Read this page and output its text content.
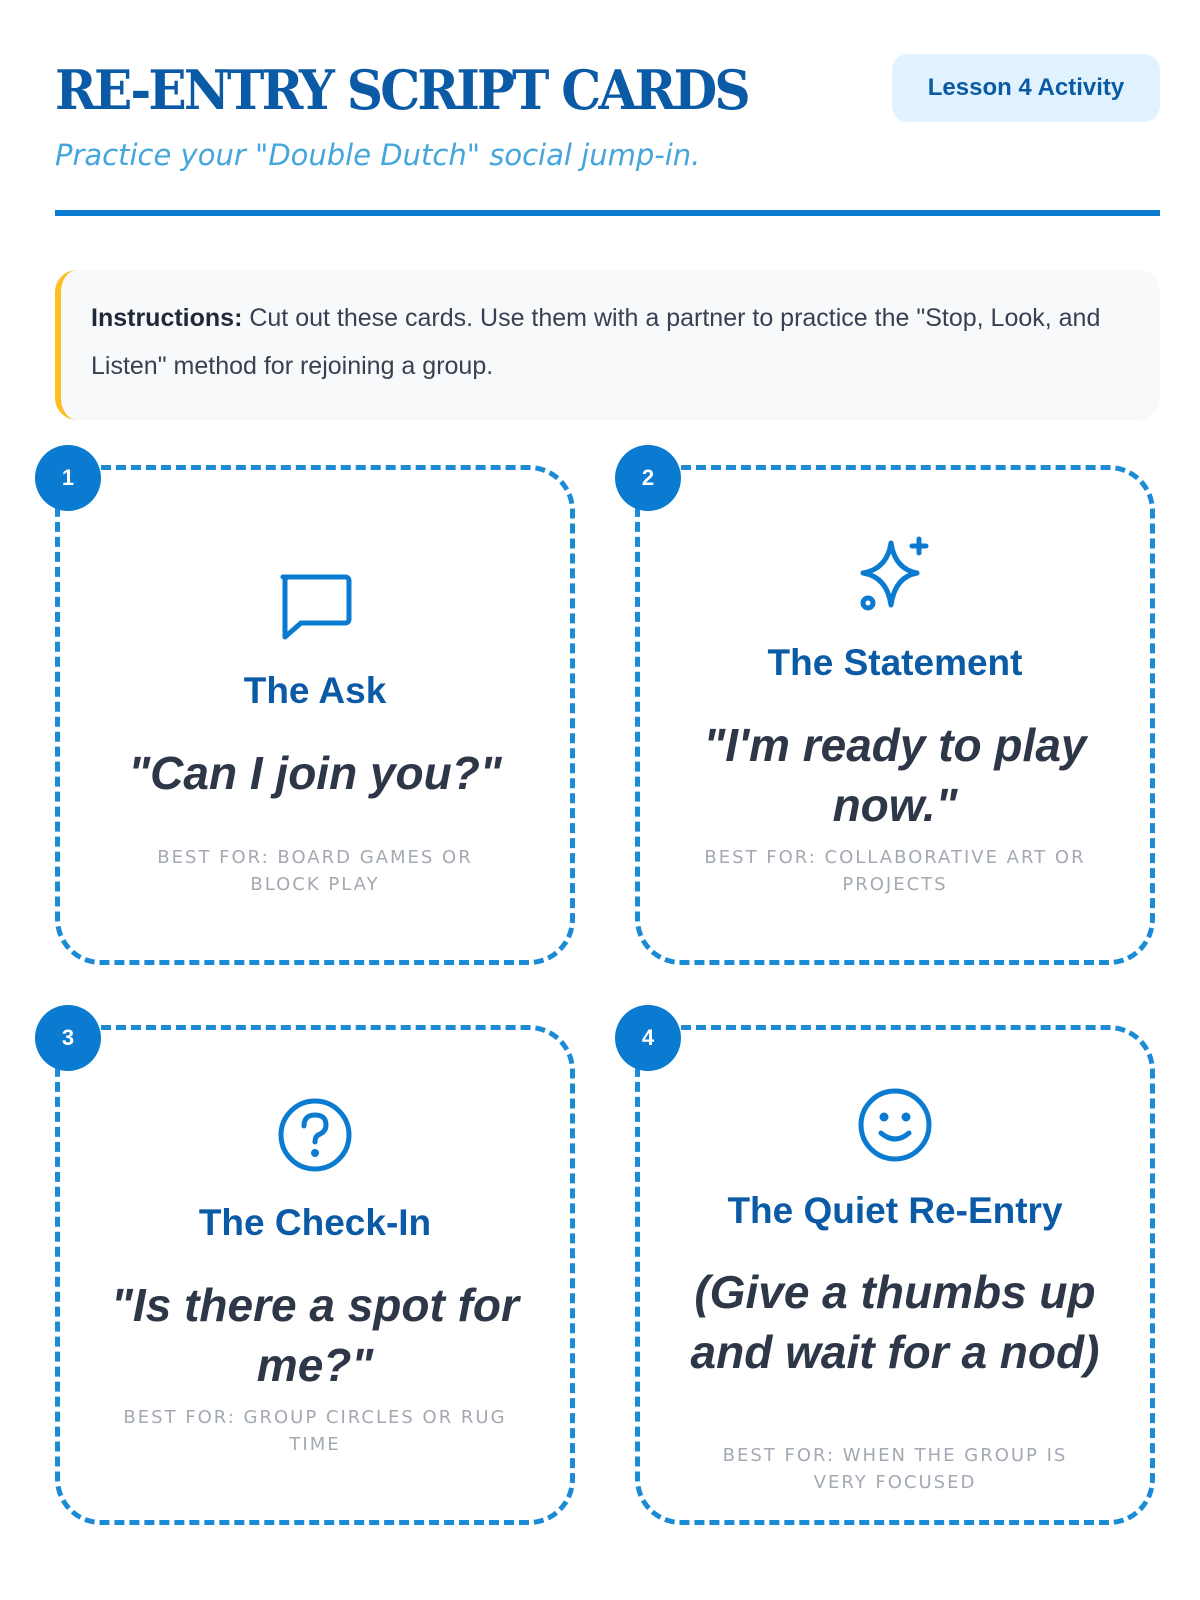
RE-ENTRY SCRIPT CARDS

Practice your "Double Dutch" social jump-in.

Lesson 4 Activity
Instructions: Cut out these cards. Use them with a partner to practice the "Stop, Look, and Listen" method for rejoining a group.
1
The Ask
"Can I join you?"
BEST FOR: BOARD GAMES OR BLOCK PLAY
2
The Statement
"I'm ready to play now."
BEST FOR: COLLABORATIVE ART OR PROJECTS
3
The Check-In
"Is there a spot for me?"
BEST FOR: GROUP CIRCLES OR RUG TIME
4
The Quiet Re-Entry
(Give a thumbs up and wait for a nod)
BEST FOR: WHEN THE GROUP IS VERY FOCUSED
